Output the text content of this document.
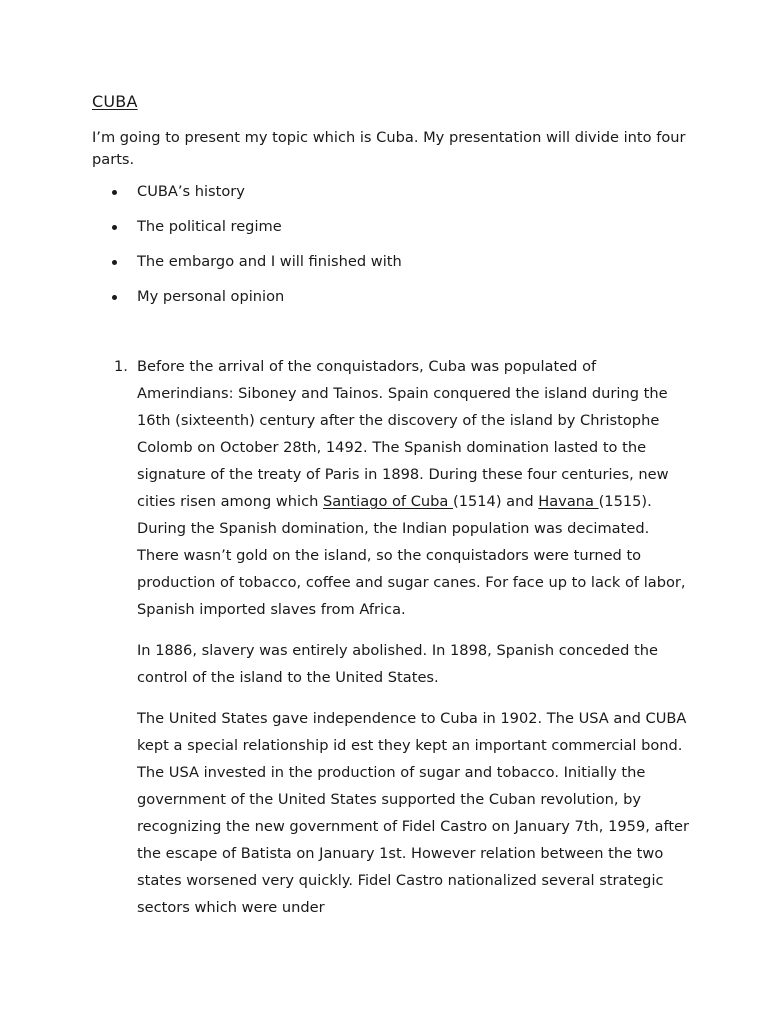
CUBA

I’m going to present my topic which is Cuba. My presentation will divide into four parts.

CUBA’s history
The political regime
The embargo and I will finished with
My personal opinion
1. Before the arrival of the conquistadors, Cuba was populated of Amerindians: Siboney and Tainos. Spain conquered the island during the 16th (sixteenth) century after the discovery of the island by Christophe Colomb on October 28th, 1492. The Spanish domination lasted to the signature of the treaty of Paris in 1898. During these four centuries, new cities risen among which Santiago of Cuba (1514) and Havana (1515). During the Spanish domination, the Indian population was decimated. There wasn’t gold on the island, so the conquistadors were turned to production of tobacco, coffee and sugar canes. For face up to lack of labor, Spanish imported slaves from Africa.

In 1886, slavery was entirely abolished. In 1898, Spanish conceded the control of the island to the United States.

The United States gave independence to Cuba in 1902. The USA and CUBA kept a special relationship id est they kept an important commercial bond. The USA invested in the production of sugar and tobacco. Initially the government of the United States supported the Cuban revolution, by recognizing the new government of Fidel Castro on January 7th, 1959, after the escape of Batista on January 1st. However relation between the two states worsened very quickly. Fidel Castro nationalized several strategic sectors which were under
